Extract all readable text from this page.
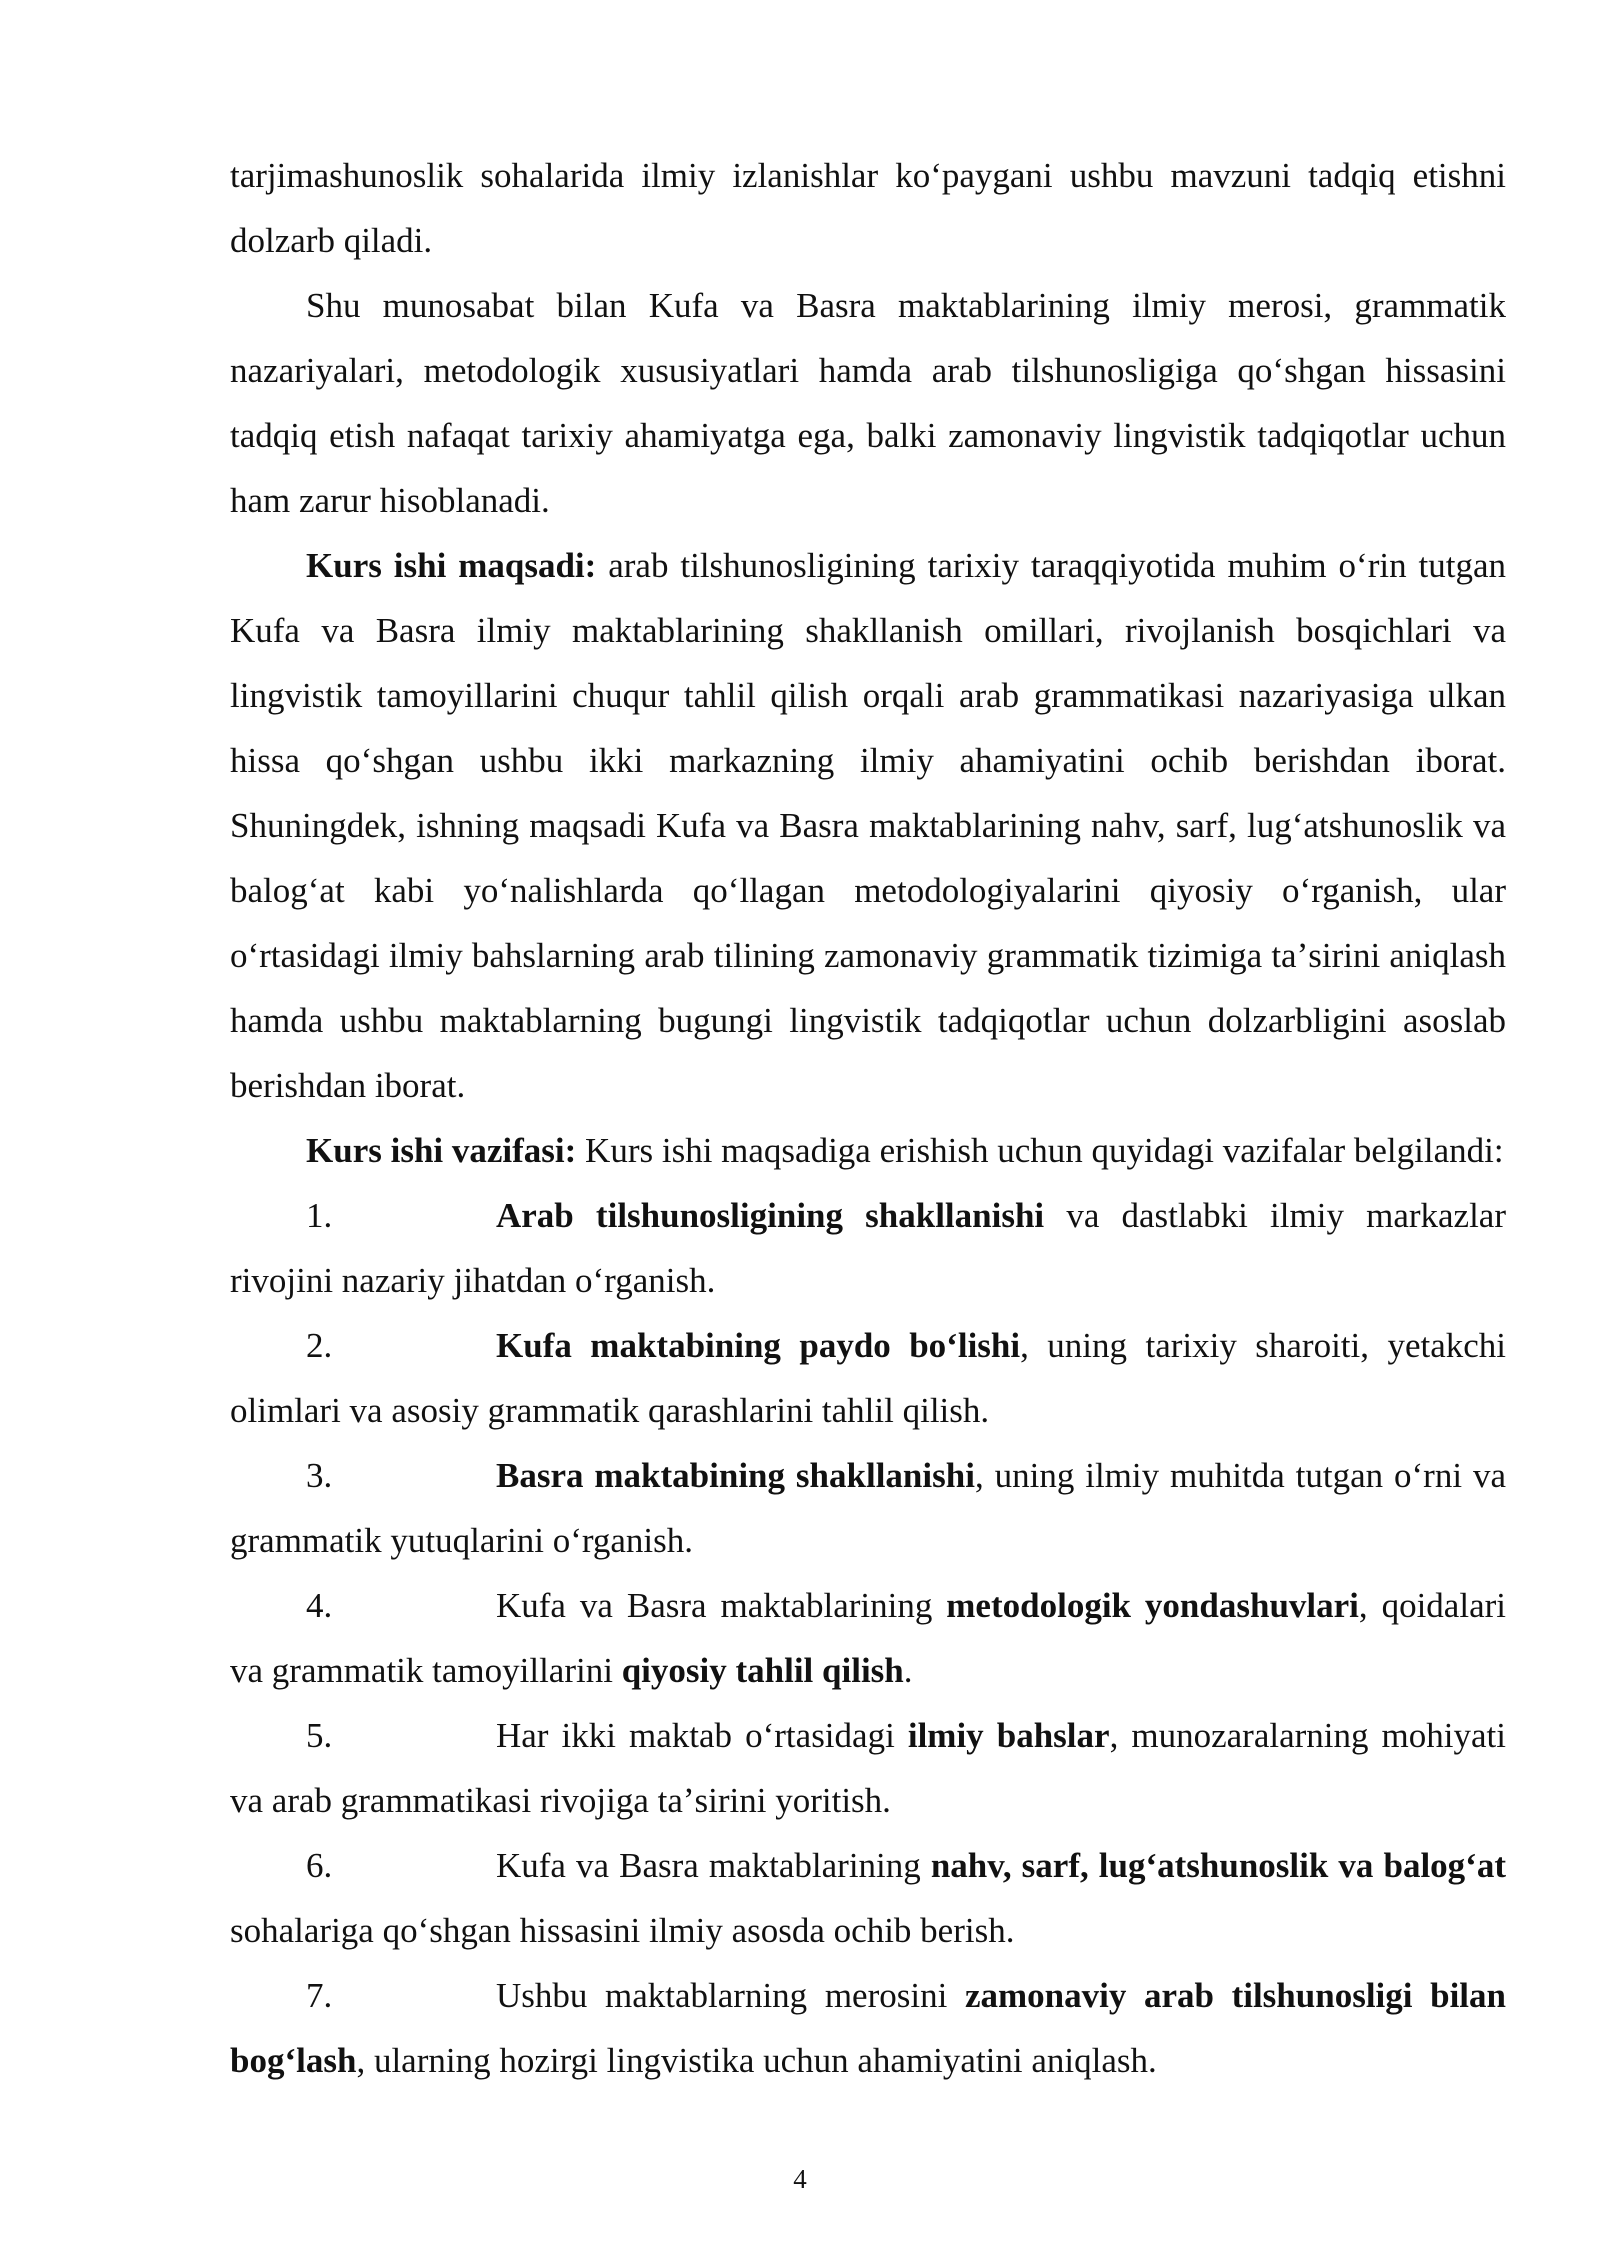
tarjimashunoslik sohalarida ilmiy izlanishlar koʻpaygani ushbu mavzuni tadqiq etishni dolzarb qiladi.

Shu munosabat bilan Kufa va Basra maktablarining ilmiy merosi, grammatik nazariyalari, metodologik xususiyatlari hamda arab tilshunosligiga qoʻshgan hissasini tadqiq etish nafaqat tarixiy ahamiyatga ega, balki zamonaviy lingvistik tadqiqotlar uchun ham zarur hisoblanadi.

Kurs ishi maqsadi: arab tilshunosligining tarixiy taraqqiyotida muhim oʻrin tutgan Kufa va Basra ilmiy maktablarining shakllanish omillari, rivojlanish bosqichlari va lingvistik tamoyillarini chuqur tahlil qilish orqali arab grammatikasi nazariyasiga ulkan hissa qoʻshgan ushbu ikki markazning ilmiy ahamiyatini ochib berishdan iborat. Shuningdek, ishning maqsadi Kufa va Basra maktablarining nahv, sarf, lugʻatshunoslik va balogʻat kabi yoʻnalishlarda qoʻllagan metodologiyalarini qiyosiy oʻrganish, ular oʻrtasidagi ilmiy bahslarning arab tilining zamonaviy grammatik tizimiga taʼsirini aniqlash hamda ushbu maktablarning bugungi lingvistik tadqiqotlar uchun dolzarbligini asoslab berishdan iborat.

Kurs ishi vazifasi: Kurs ishi maqsadiga erishish uchun quyidagi vazifalar belgilandi:

1.	Arab tilshunosligining shakllanishi va dastlabki ilmiy markazlar rivojini nazariy jihatdan oʻrganish.

2.	Kufa maktabining paydo boʻlishi, uning tarixiy sharoiti, yetakchi olimlari va asosiy grammatik qarashlarini tahlil qilish.

3.	Basra maktabining shakllanishi, uning ilmiy muhitda tutgan oʻrni va grammatik yutuqlarini oʻrganish.

4.	Kufa va Basra maktablarining metodologik yondashuvlari, qoidalari va grammatik tamoyillarini qiyosiy tahlil qilish.

5.	Har ikki maktab oʻrtasidagi ilmiy bahslar, munozaralarning mohiyati va arab grammatikasi rivojiga taʼsirini yoritish.

6.	Kufa va Basra maktablarining nahv, sarf, lugʻatshunoslik va balogʻat sohalariga qoʻshgan hissasini ilmiy asosda ochib berish.

7.	Ushbu maktablarning merosini zamonaviy arab tilshunosligi bilan bogʻlash, ularning hozirgi lingvistika uchun ahamiyatini aniqlash.

4
